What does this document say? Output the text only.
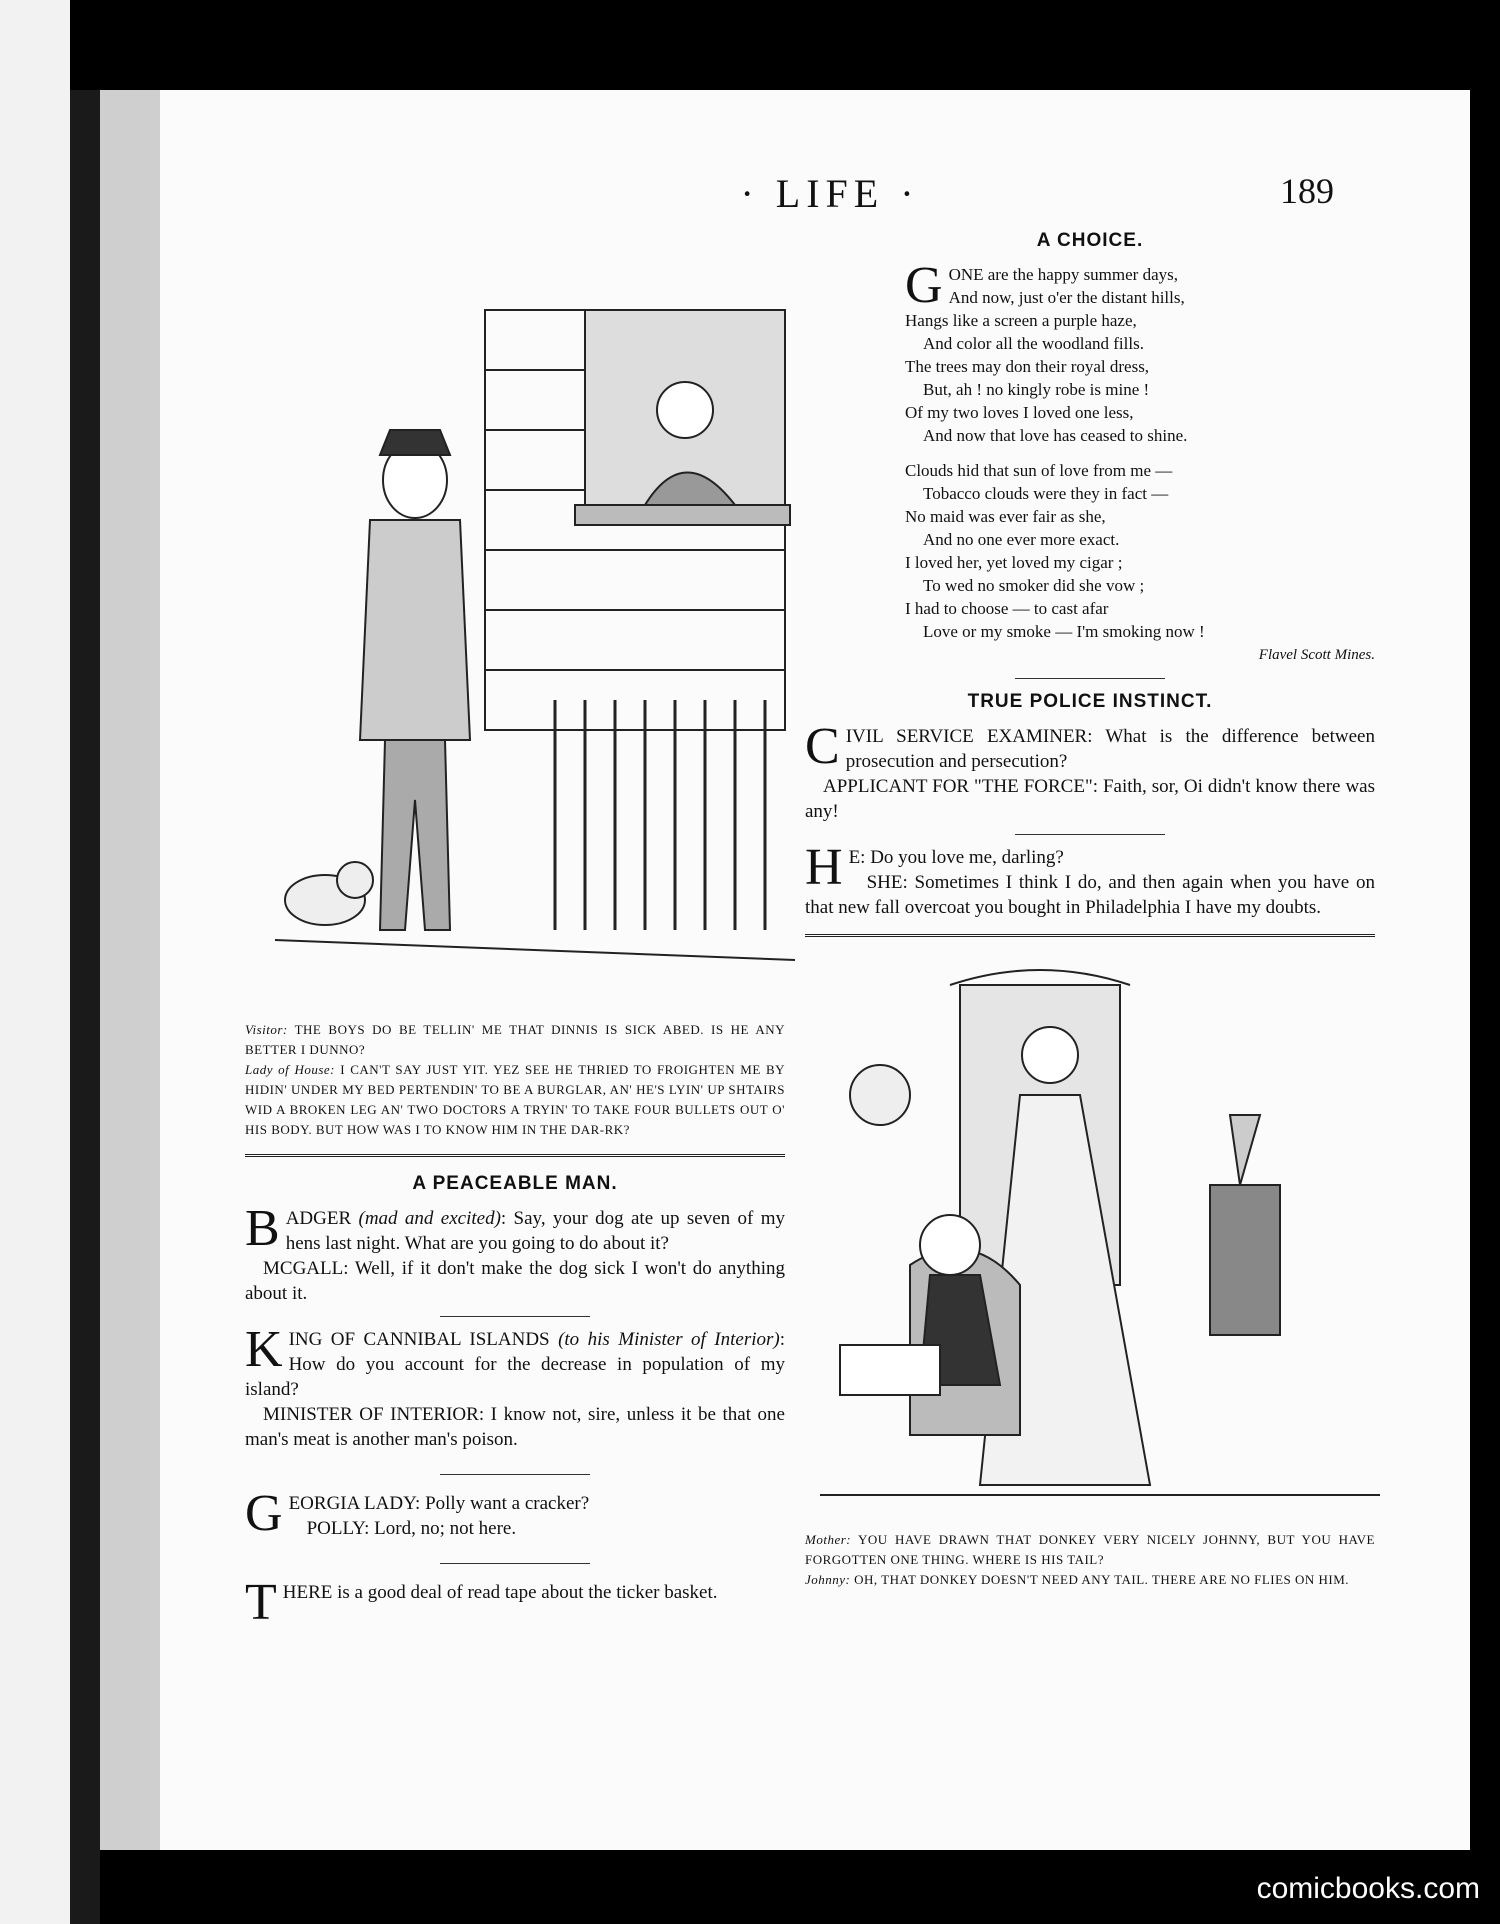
· LIFE ·	189
Visitor: THE BOYS DO BE TELLIN' ME THAT DINNIS IS SICK ABED. IS HE ANY BETTER I DUNNO?
Lady of House: I CAN'T SAY JUST YIT. YEZ SEE HE THRIED TO FROIGHTEN ME BY HIDIN' UNDER MY BED PERTENDIN' TO BE A BURGLAR, AN' HE'S LYIN' UP SHTAIRS WID A BROKEN LEG AN' TWO DOCTORS A TRYIN' TO TAKE FOUR BULLETS OUT O' HIS BODY. BUT HOW WAS I TO KNOW HIM IN THE DAR-RK?
A PEACEABLE MAN.

BADGER (mad and excited): Say, your dog ate up seven of my hens last night. What are you going to do about it?

MCGALL: Well, if it don't make the dog sick I won't do anything about it.

KING OF CANNIBAL ISLANDS (to his Minister of Interior): How do you account for the decrease in population of my island?

MINISTER OF INTERIOR: I know not, sire, unless it be that one man's meat is another man's poison.

GEORGIA LADY: Polly want a cracker?

POLLY: Lord, no; not here.

THERE is a good deal of read tape about the ticker basket.

A CHOICE.
G ONE are the happy summer days,
And now, just o'er the distant hills,
Hangs like a screen a purple haze,
And color all the woodland fills.
The trees may don their royal dress,
But, ah ! no kingly robe is mine !
Of my two loves I loved one less,
And now that love has ceased to shine.
Clouds hid that sun of love from me —
Tobacco clouds were they in fact —
No maid was ever fair as she,
And no one ever more exact.
I loved her, yet loved my cigar ;
To wed no smoker did she vow ;
I had to choose — to cast afar
Love or my smoke — I'm smoking now !
Flavel Scott Mines.
TRUE POLICE INSTINCT.

CIVIL SERVICE EXAMINER: What is the difference between prosecution and persecution?

APPLICANT FOR "THE FORCE": Faith, sor, Oi didn't know there was any!

H E: Do you love me, darling?

SHE: Sometimes I think I do, and then again when you have on that new fall overcoat you bought in Philadelphia I have my doubts.

Mother: YOU HAVE DRAWN THAT DONKEY VERY NICELY JOHNNY, BUT YOU HAVE FORGOTTEN ONE THING. WHERE IS HIS TAIL?
Johnny: OH, THAT DONKEY DOESN'T NEED ANY TAIL. THERE ARE NO FLIES ON HIM.
comicbooks.com
